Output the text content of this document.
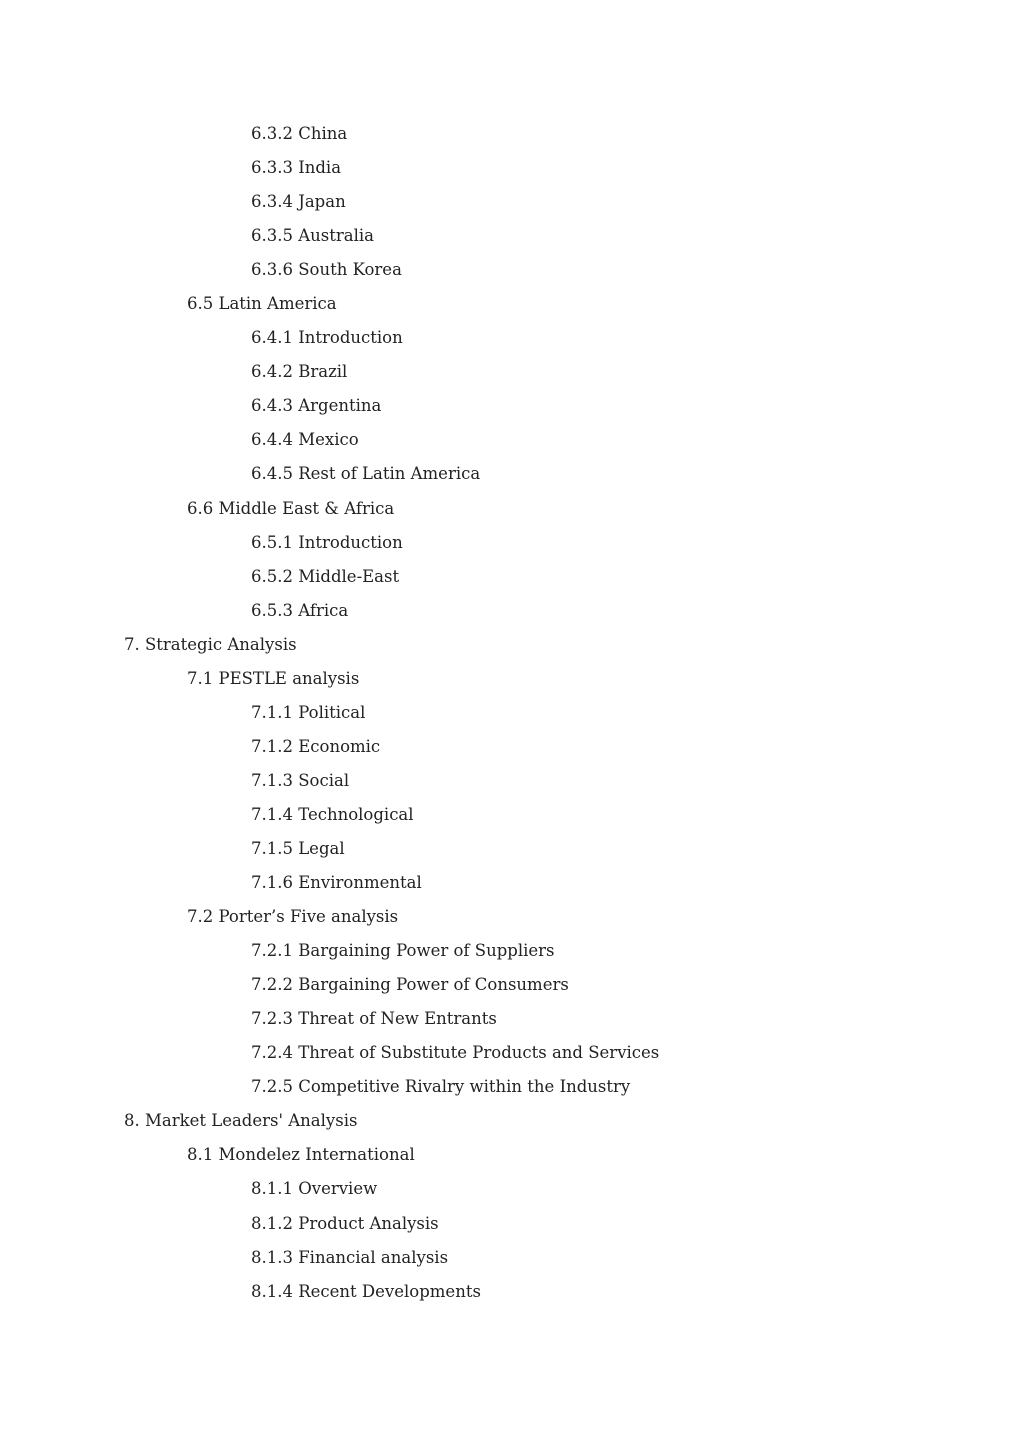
6.3.2 China
6.3.3 India
6.3.4 Japan
6.3.5 Australia
6.3.6 South Korea
6.5 Latin America
6.4.1 Introduction
6.4.2 Brazil
6.4.3 Argentina
6.4.4 Mexico
6.4.5 Rest of Latin America
6.6 Middle East & Africa
6.5.1 Introduction
6.5.2 Middle-East
6.5.3 Africa
7. Strategic Analysis
7.1 PESTLE analysis
7.1.1 Political
7.1.2 Economic
7.1.3 Social
7.1.4 Technological
7.1.5 Legal
7.1.6 Environmental
7.2 Porter’s Five analysis
7.2.1 Bargaining Power of Suppliers
7.2.2 Bargaining Power of Consumers
7.2.3 Threat of New Entrants
7.2.4 Threat of Substitute Products and Services
7.2.5 Competitive Rivalry within the Industry
8. Market Leaders' Analysis
8.1 Mondelez International
8.1.1 Overview
8.1.2 Product Analysis
8.1.3 Financial analysis
8.1.4 Recent Developments
